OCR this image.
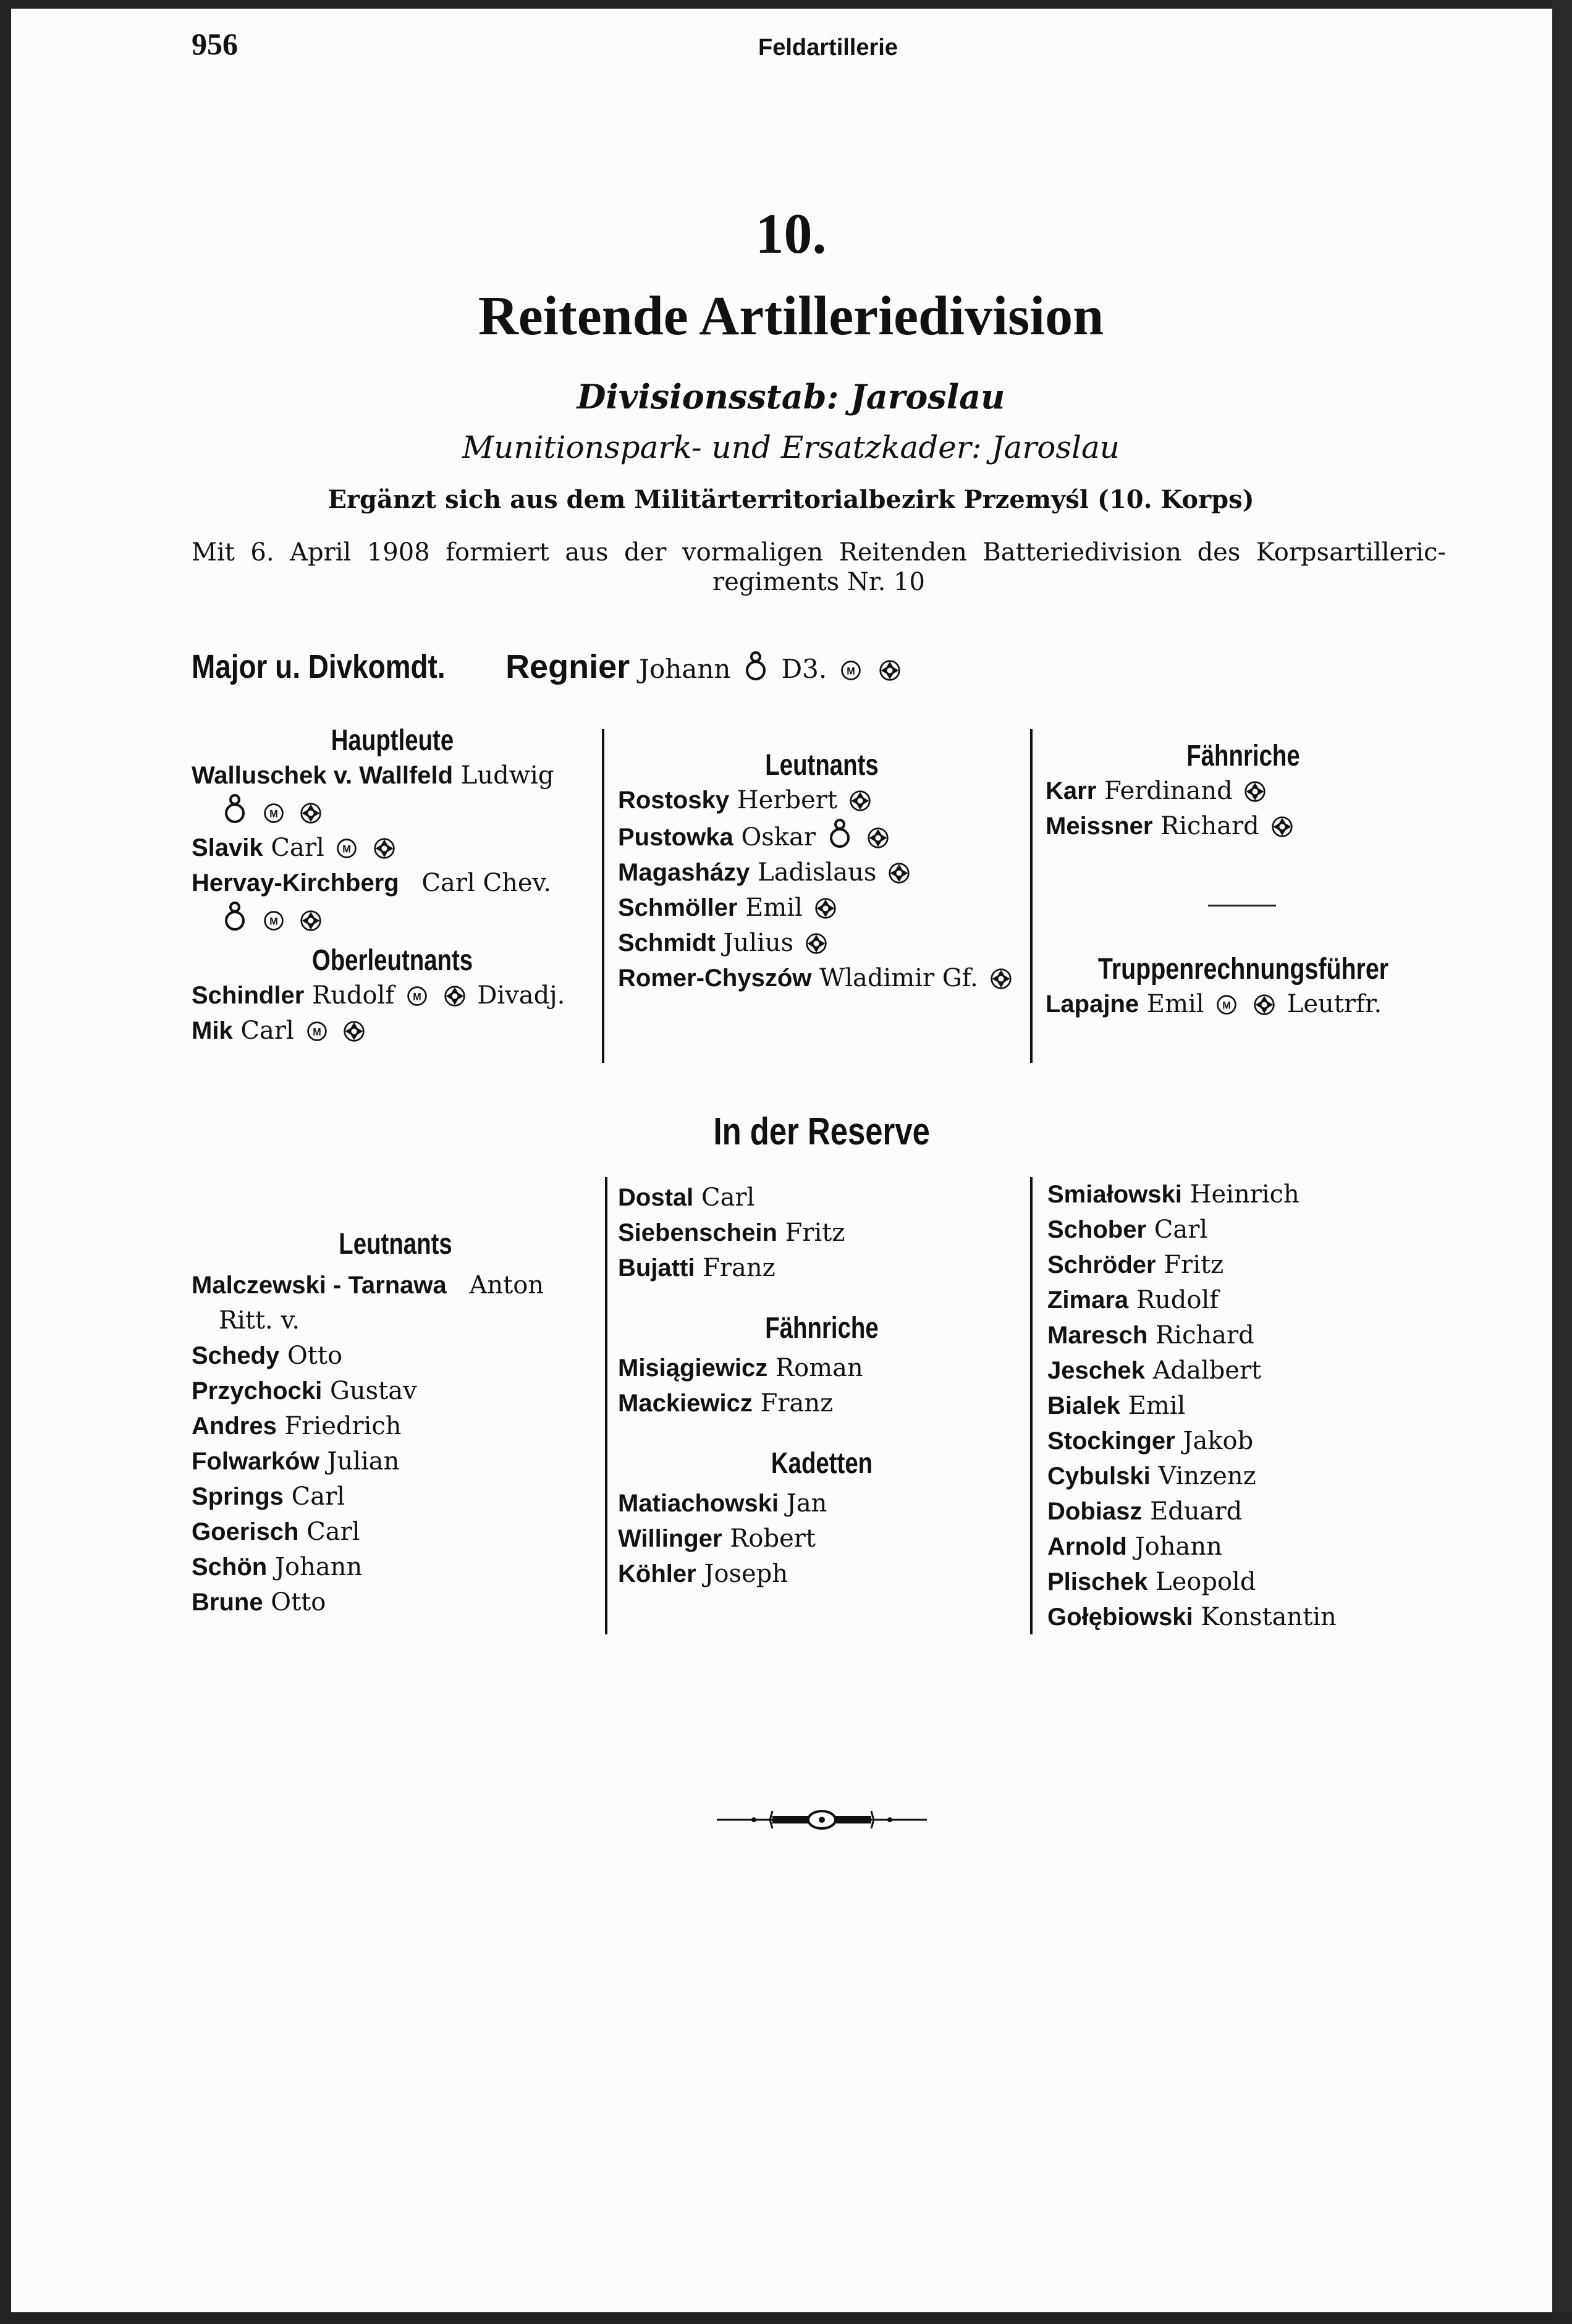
956	Feldartillerie
10.
Reitende Artilleriedivision
Divisionsstab: Jaroslau
Munitionspark- und Ersatzkader: Jaroslau
Ergänzt sich aus dem Militärterritorialbezirk Przemyśl (10. Korps)
Mit 6. April 1908 formiert aus der vormaligen Reitenden Batteriedivision des Korpsartilleric-
regiments Nr. 10
Major u. Divkomdt. Regnier Johann D3.
Hauptleute
Walluschek v. Wallfeld Ludwig

Slavik Carl
Hervay-Kirchberg Carl Chev.

Oberleutnants
Schindler Rudolf	Divadj.
Mik Carl
Leutnants
Rostosky Herbert
Pustowka Oskar
Magasházy Ladislaus
Schmöller Emil
Schmidt Julius
Romer-Chyszów Wladimir Gf.
Fähnriche
Karr Ferdinand
Meissner Richard
Truppenrechnungsführer
Lapajne Emil	Leutrfr.
In der Reserve
Leutnants
Malczewski - Tarnawa Anton
Ritt. v.
Schedy Otto
Przychocki Gustav
Andres Friedrich
Folwarków Julian
Springs Carl
Goerisch Carl
Schön Johann
Brune Otto
Dostal Carl
Siebenschein Fritz
Bujatti Franz
Fähnriche
Misiągiewicz Roman
Mackiewicz Franz
Kadetten
Matiachowski Jan
Willinger Robert
Köhler Joseph
Smiałowski Heinrich
Schober Carl
Schröder Fritz
Zimara Rudolf
Maresch Richard
Jeschek Adalbert
Bialek Emil
Stockinger Jakob
Cybulski Vinzenz
Dobiasz Eduard
Arnold Johann
Plischek Leopold
Gołębiowski Konstantin
